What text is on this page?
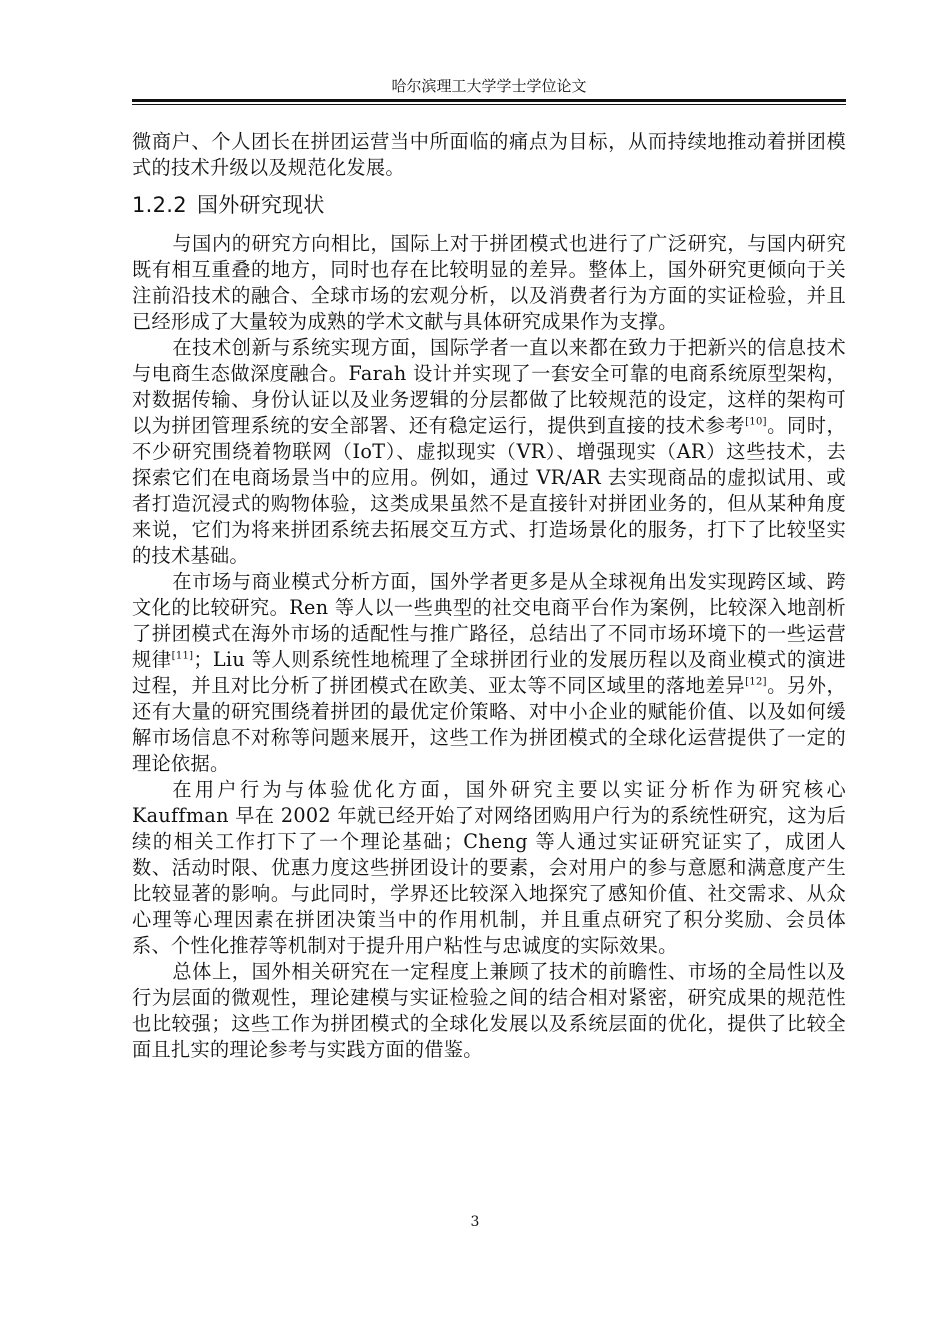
哈尔滨理工大学学士学位论文

微商户、个人团长在拼团运营当中所面临的痛点为目标，从而持续地推动着拼团模式的技术升级以及规范化发展。

1.2.2 国外研究现状

与国内的研究方向相比，国际上对于拼团模式也进行了广泛研究，与国内研究既有相互重叠的地方，同时也存在比较明显的差异。整体上，国外研究更倾向于关注前沿技术的融合、全球市场的宏观分析，以及消费者行为方面的实证检验，并且已经形成了大量较为成熟的学术文献与具体研究成果作为支撑。

在技术创新与系统实现方面，国际学者一直以来都在致力于把新兴的信息技术与电商生态做深度融合。Farah 设计并实现了一套安全可靠的电商系统原型架构，对数据传输、身份认证以及业务逻辑的分层都做了比较规范的设定，这样的架构可以为拼团管理系统的安全部署、还有稳定运行，提供到直接的技术参考[10]。同时，不少研究围绕着物联网（IoT）、虚拟现实（VR）、增强现实（AR）这些技术，去探索它们在电商场景当中的应用。例如，通过 VR/AR 去实现商品的虚拟试用、或者打造沉浸式的购物体验，这类成果虽然不是直接针对拼团业务的，但从某种角度来说，它们为将来拼团系统去拓展交互方式、打造场景化的服务，打下了比较坚实的技术基础。

在市场与商业模式分析方面，国外学者更多是从全球视角出发实现跨区域、跨文化的比较研究。Ren 等人以一些典型的社交电商平台作为案例，比较深入地剖析了拼团模式在海外市场的适配性与推广路径，总结出了不同市场环境下的一些运营规律[11]；Liu 等人则系统性地梳理了全球拼团行业的发展历程以及商业模式的演进过程，并且对比分析了拼团模式在欧美、亚太等不同区域里的落地差异[12]。另外，还有大量的研究围绕着拼团的最优定价策略、对中小企业的赋能价值、以及如何缓解市场信息不对称等问题来展开，这些工作为拼团模式的全球化运营提供了一定的理论依据。

在用户行为与体验优化方面，国外研究主要以实证分析作为研究核心 Kauffman 早在 2002 年就已经开始了对网络团购用户行为的系统性研究，这为后续的相关工作打下了一个理论基础；Cheng 等人通过实证研究证实了，成团人数、活动时限、优惠力度这些拼团设计的要素，会对用户的参与意愿和满意度产生比较显著的影响。与此同时，学界还比较深入地探究了感知价值、社交需求、从众心理等心理因素在拼团决策当中的作用机制，并且重点研究了积分奖励、会员体系、个性化推荐等机制对于提升用户粘性与忠诚度的实际效果。

总体上，国外相关研究在一定程度上兼顾了技术的前瞻性、市场的全局性以及行为层面的微观性，理论建模与实证检验之间的结合相对紧密，研究成果的规范性也比较强；这些工作为拼团模式的全球化发展以及系统层面的优化，提供了比较全面且扎实的理论参考与实践方面的借鉴。

3
